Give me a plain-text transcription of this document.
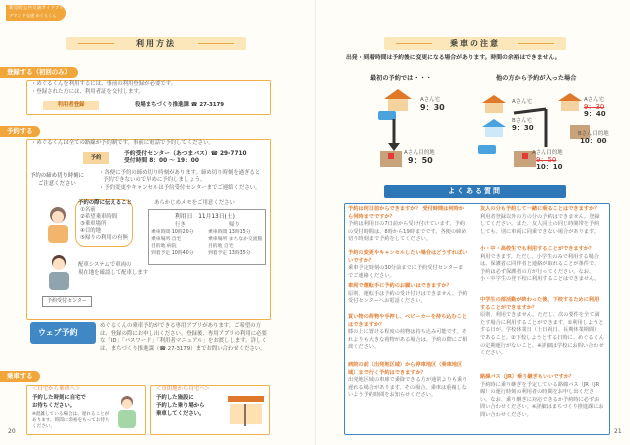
新見町公共交通ガイドブック
デマンド交通 めぐるくん
利用方法
登録する（初回のみ）
・めぐるくんを利用するには、事前の利用登録が必要です。
・登録された方には、利用者証を交付します。
利用者登録	役場まちづくり推進課 ☎ 27-3179
予約する
・めぐるくんは全ての路線が予約制です。事前に電話で予約してください。
予約
予約受付センター（あつまバス）☎ 29-7710
受付時間 8：00 ～ 19：00
予約の締め切り時刻に
ご注意ください
・各便に予約の締め切り時刻があります。締め切り時刻を過ぎると
予約できないので早めに予約しましょう。
・予約変更やキャンセルは予約受付センターまでご連絡ください。
予約の際に伝えること
①名前
②希望乗車時間
③乗車場所
④目的地
⑤帰りの利用の有無
あらかじめメモをご用意ください
利用日　11月13日(土)
行き	帰り
乗車時間 10時20分	乗車時間 13時15分
乗車場所 自宅	乗車場所 まちなか交流館
目的地 病院	目的地 自宅
到着予定 10時40分	到着予定 13時35分
配車システムで車両の
現在地を確認して配車します
予約受付センター
ウェブ予約
めぐるくんの乗車予約ができる専用アプリがあります。ご希望の方は、登録の際にお申し出ください。登録後、専用アプリの利用に必要な「ID」「パスワード」「利用者マニュアル」をお渡しします。詳しくは、まちづくり推進課（☎ 27-3179）までお問い合わせください。
乗車する
＜自宅から乗車へ＞
予約した時刻に自宅で
お待ちください。
※混雑している場合は、遅れることがあります。時間に余裕をもってお待ちください。
＜市街地から自宅へ＞
予約した施設に
予約した乗り場から
乗車してください。
20
乗車の注意
出発・到着時間は予約後に変更になる場合があります。時間の余裕はできません。
最初の予約では・・・	他の方から予約が入った場合
Aさん宅
9：30
Aさん目的地
9：50
Aさん宅
Bさん宅
9：30
Aさん宅
9：30
9：40
Bさん目的地
10：00
Aさん目的地
9：50
10：10
よくある質問
予約は何日前からできますか？ 受付時間は何時から何時までですか？
予約は利用日の7日前から受け付けています。予約の受付時間は、8時から19時までです。各便の締め切り時刻まで予約をしてください。
予約の変更やキャンセルしたい場合はどうすればいいですか？
乗車予定時刻の30分前までに予約受付センターまでご連絡ください。
車両で運転手に予約のお願いはできますか？
原則、運転手は予約の受け付けはできません。予約受付センターへお電話ください。
買い物の荷物や手押し、ベビーカーを持ち込むことはできますか？
膝の上に置ける程度の荷物は持ち込み可能です。それよりも大きな荷物がある場合は、予約の際にご相談ください。
病院の前（出発地区域）から停車地区（乗車地区域）まで行く予約はできますか？
出発地区域の車庫で乗降できる方が通常よりも乗り遅れる場合があります。その場合、乗車は重複しないよう予約時間をお知らせください。
友人の分も予約して一緒に乗ることはできますか？
利用者登録以外の方の分の予約はできません。登録してください。また、友人同士の同じ時間帯を予約しても、別に車両に同乗できない場合があります。
小・中・高校生でも利用することができますか？
利用できます。ただし、小学生のみで利用する場合は、保護者に同伴者と連絡が取れることが条件で、予約は必ず保護者の方が行ってください。なお、小・中学生の登下校に利用することはできません。
中学生の部活動が終わった後、下校するために利用することができますか？
原則、利用できません。ただし、次の要件を全て満たす場合に利用することができます。①利用しようとする日が、学校休業日（土日祝日、長期休業期間）であること。②下校しようとする日時に、めぐるくんの定期運行がないこと。※詳細は学校にお問い合わせください。
路線バス（JR）乗り継ぎもいいですか？
予約時に乗り継ぎを予定している路線バス（JR（JR線）の運行時刻の利用者の時間をお申し出ください。なお、乗り継ぎに対応できるか予約時に必ずお問い合わせください。※詳細はまちづくり推進課にお問い合わせください。
21
